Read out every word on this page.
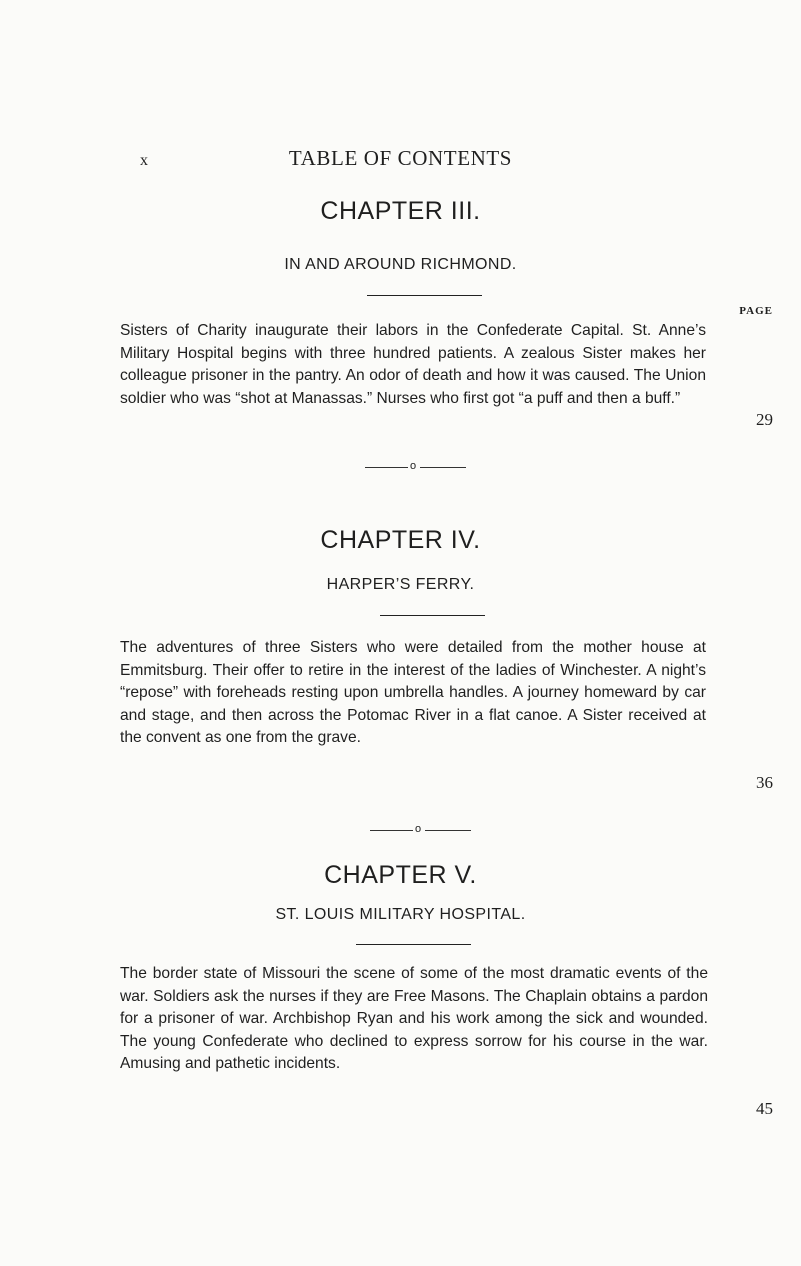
x	TABLE OF CONTENTS
CHAPTER III.
IN AND AROUND RICHMOND.
PAGE
Sisters of Charity inaugurate their labors in the Confederate Capital. St. Anne’s Military Hospital begins with three hundred patients. A zealous Sister makes her colleague prisoner in the pantry. An odor of death and how it was caused. The Union soldier who was “shot at Manassas.” Nurses who first got “a puff and then a buff.”
29
o
CHAPTER IV.
HARPER’S FERRY.
The adventures of three Sisters who were detailed from the mother house at Emmitsburg. Their offer to retire in the interest of the ladies of Winchester. A night’s “repose” with foreheads resting upon umbrella handles. A journey homeward by car and stage, and then across the Potomac River in a flat canoe. A Sister received at the convent as one from the grave.
36
o
CHAPTER V.
ST. LOUIS MILITARY HOSPITAL.
The border state of Missouri the scene of some of the most dramatic events of the war. Soldiers ask the nurses if they are Free Masons. The Chaplain obtains a pardon for a prisoner of war. Archbishop Ryan and his work among the sick and wounded. The young Confederate who declined to express sorrow for his course in the war. Amusing and pathetic incidents.
45
